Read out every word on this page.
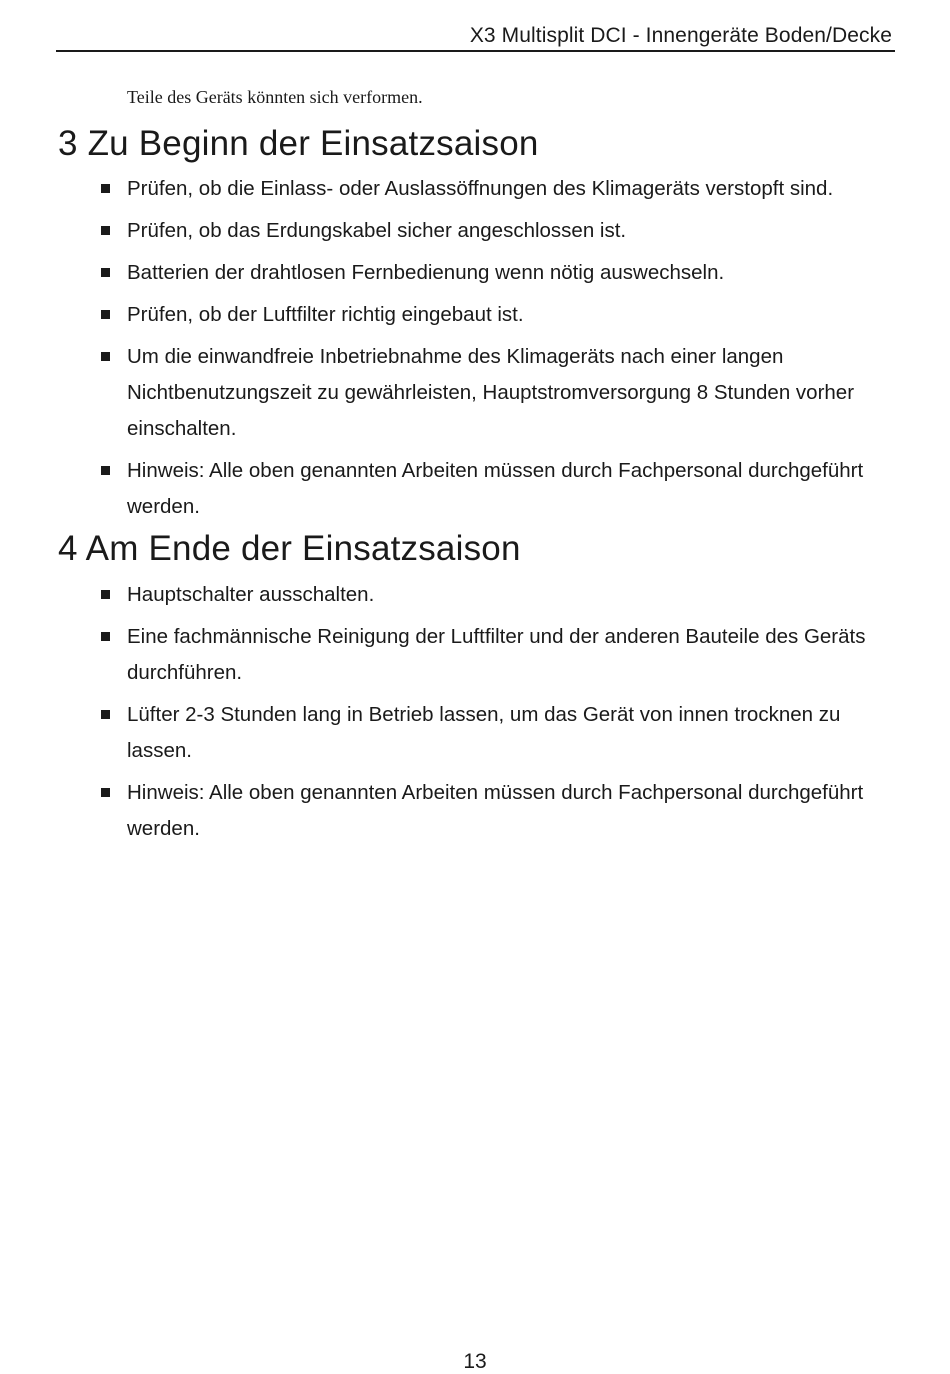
X3 Multisplit DCI - Innengeräte Boden/Decke
Teile des Geräts könnten sich verformen.
3 Zu Beginn der Einsatzsaison
Prüfen, ob die Einlass- oder Auslassöffnungen des Klimageräts verstopft sind.
Prüfen, ob das Erdungskabel sicher angeschlossen ist.
Batterien der drahtlosen Fernbedienung wenn nötig auswechseln.
Prüfen, ob der Luftfilter richtig eingebaut ist.
Um die einwandfreie Inbetriebnahme des Klimageräts nach einer langen Nichtbenutzungszeit zu gewährleisten, Hauptstromversorgung 8 Stunden vorher einschalten.
Hinweis: Alle oben genannten Arbeiten müssen durch Fachpersonal durchgeführt werden.
4 Am Ende der Einsatzsaison
Hauptschalter ausschalten.
Eine fachmännische Reinigung der Luftfilter und der anderen Bauteile des Geräts durchführen.
Lüfter 2-3 Stunden lang in Betrieb lassen, um das Gerät von innen trocknen zu lassen.
Hinweis: Alle oben genannten Arbeiten müssen durch Fachpersonal durchgeführt werden.
13
